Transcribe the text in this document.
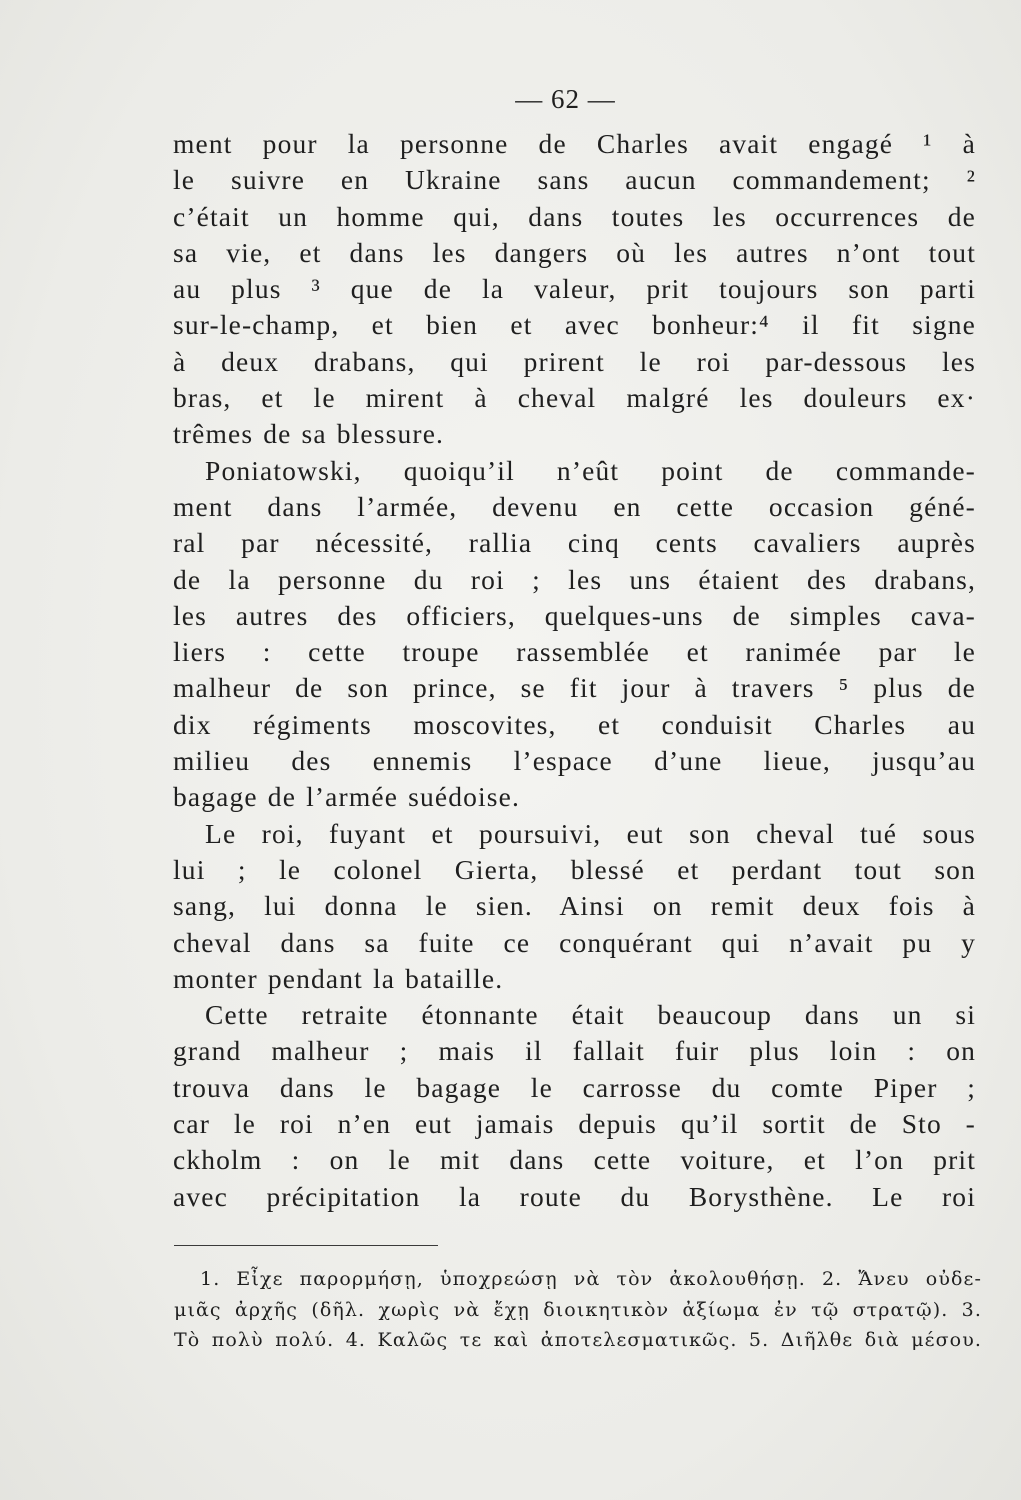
— 62 —
ment pour la personne de Charles avait engagé ¹ à
le suivre en Ukraine sans aucun commandement; ²
c’était un homme qui, dans toutes les occurrences de
sa vie, et dans les dangers où les autres n’ont tout
au plus ³ que de la valeur, prit toujours son parti
sur-le-champ, et bien et avec bonheur:⁴ il fit signe
à deux drabans, qui prirent le roi par-dessous les
bras, et le mirent à cheval malgré les douleurs ex·
trêmes de sa blessure.
Poniatowski, quoiqu’il n’eût point de commande-
ment dans l’armée, devenu en cette occasion géné-
ral par nécessité, rallia cinq cents cavaliers auprès
de la personne du roi ; les uns étaient des drabans,
les autres des officiers, quelques-uns de simples cava-
liers : cette troupe rassemblée et ranimée par le
malheur de son prince, se fit jour à travers ⁵ plus de
dix régiments moscovites, et conduisit Charles au
milieu des ennemis l’espace d’une lieue, jusqu’au
bagage de l’armée suédoise.
Le roi, fuyant et poursuivi, eut son cheval tué sous
lui ; le colonel Gierta, blessé et perdant tout son
sang, lui donna le sien. Ainsi on remit deux fois à
cheval dans sa fuite ce conquérant qui n’avait pu y
monter pendant la bataille.
Cette retraite étonnante était beaucoup dans un si
grand malheur ; mais il fallait fuir plus loin : on
trouva dans le bagage le carrosse du comte Piper ;
car le roi n’en eut jamais depuis qu’il sortit de Sto -
ckholm : on le mit dans cette voiture, et l’on prit
avec précipitation la route du Borysthène. Le roi
1. Εἶχε παρορμήσῃ, ὑποχρεώσῃ νὰ τὸν ἀκολουθήσῃ. 2. Ἄνευ οὐδε-
μιᾶς ἀρχῆς (δῆλ. χωρὶς νὰ ἔχῃ διοικητικὸν ἀξίωμα ἐν τῷ στρατῷ). 3.
Τὸ πολὺ πολύ. 4. Καλῶς τε καὶ ἀποτελεσματικῶς. 5. Διῆλθε διὰ μέσου.
